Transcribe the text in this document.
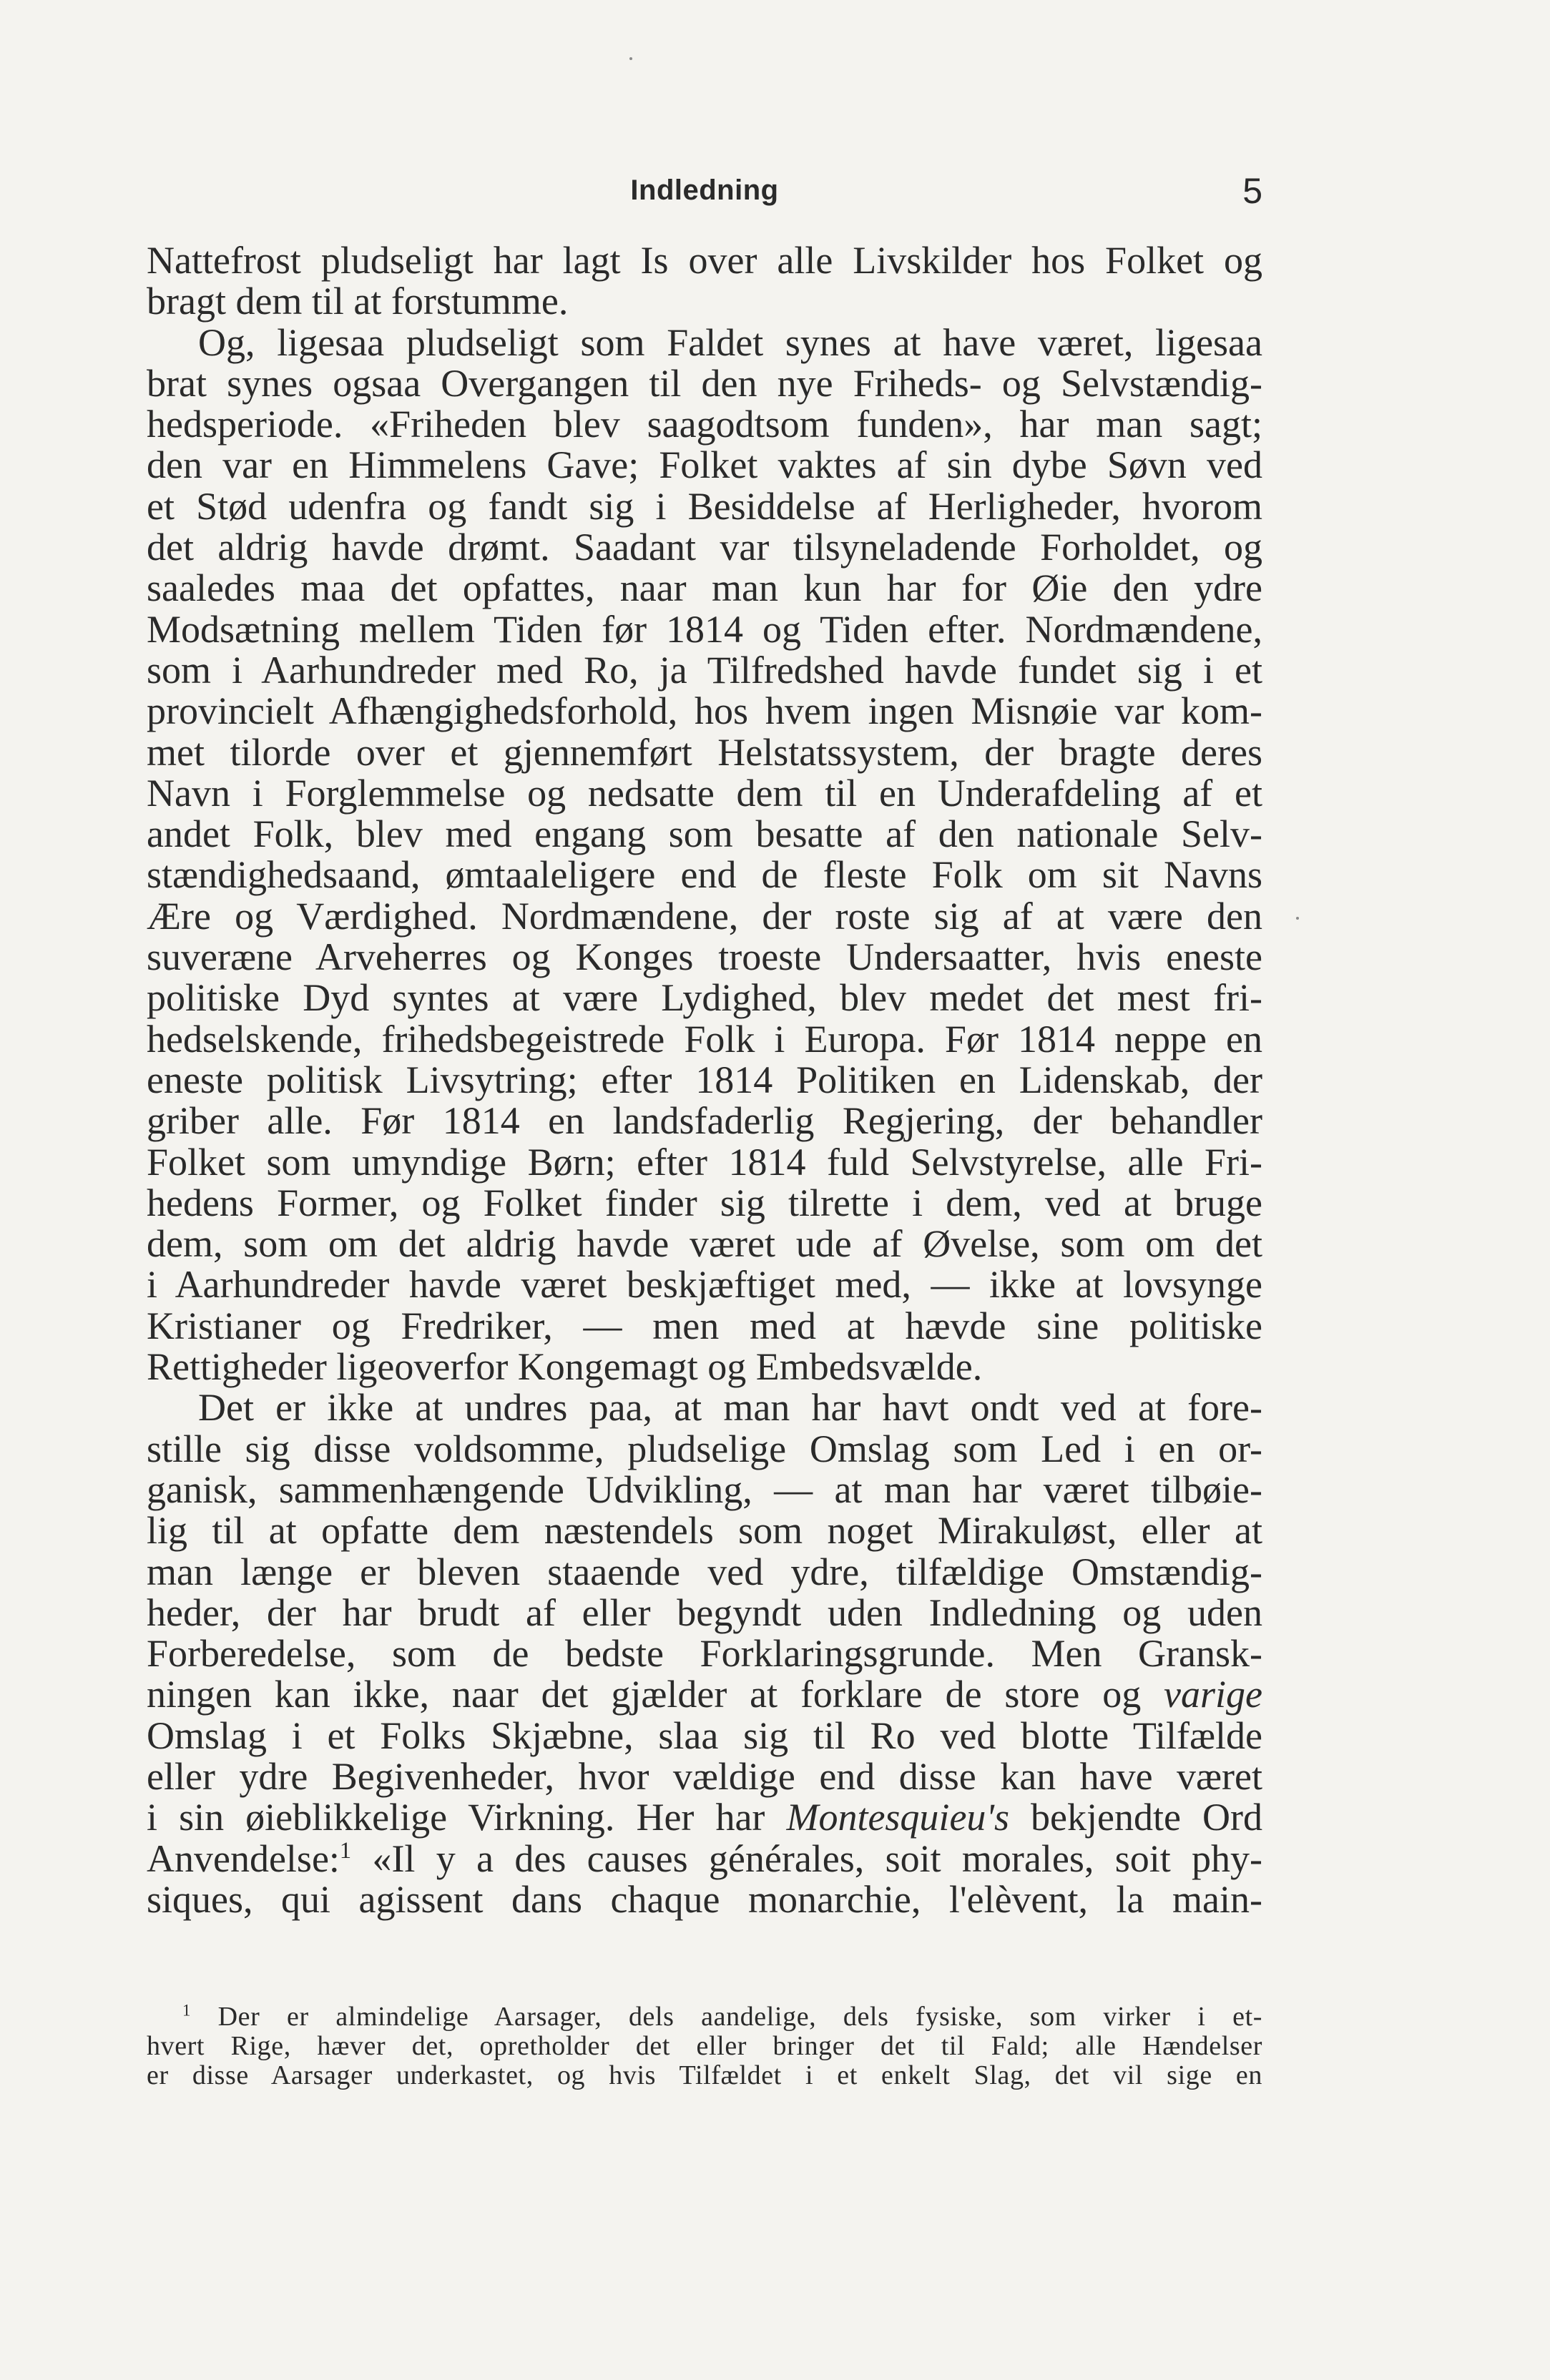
Indledning	5
Nattefrost pludseligt har lagt Is over alle Livskilder hos Folket og
bragt dem til at forstumme.
Og, ligesaa pludseligt som Faldet synes at have været, ligesaa
brat synes ogsaa Overgangen til den nye Friheds- og Selvstændig-
hedsperiode. «Friheden blev saagodtsom funden», har man sagt;
den var en Himmelens Gave; Folket vaktes af sin dybe Søvn ved
et Stød udenfra og fandt sig i Besiddelse af Herligheder, hvorom
det aldrig havde drømt. Saadant var tilsyneladende Forholdet, og
saaledes maa det opfattes, naar man kun har for Øie den ydre
Modsætning mellem Tiden før 1814 og Tiden efter. Nordmændene,
som i Aarhundreder med Ro, ja Tilfredshed havde fundet sig i et
provincielt Afhængighedsforhold, hos hvem ingen Misnøie var kom-
met tilorde over et gjennemført Helstatssystem, der bragte deres
Navn i Forglemmelse og nedsatte dem til en Underafdeling af et
andet Folk, blev med engang som besatte af den nationale Selv-
stændighedsaand, ømtaaleligere end de fleste Folk om sit Navns
Ære og Værdighed. Nordmændene, der roste sig af at være den
suveræne Arveherres og Konges troeste Undersaatter, hvis eneste
politiske Dyd syntes at være Lydighed, blev medet det mest fri-
hedselskende, frihedsbegeistrede Folk i Europa. Før 1814 neppe en
eneste politisk Livsytring; efter 1814 Politiken en Lidenskab, der
griber alle. Før 1814 en landsfaderlig Regjering, der behandler
Folket som umyndige Børn; efter 1814 fuld Selvstyrelse, alle Fri-
hedens Former, og Folket finder sig tilrette i dem, ved at bruge
dem, som om det aldrig havde været ude af Øvelse, som om det
i Aarhundreder havde været beskjæftiget med, — ikke at lovsynge
Kristianer og Fredriker, — men med at hævde sine politiske
Rettigheder ligeoverfor Kongemagt og Embedsvælde.
Det er ikke at undres paa, at man har havt ondt ved at fore-
stille sig disse voldsomme, pludselige Omslag som Led i en or-
ganisk, sammenhængende Udvikling, — at man har været tilbøie-
lig til at opfatte dem næstendels som noget Mirakuløst, eller at
man længe er bleven staaende ved ydre, tilfældige Omstændig-
heder, der har brudt af eller begyndt uden Indledning og uden
Forberedelse, som de bedste Forklaringsgrunde. Men Gransk-
ningen kan ikke, naar det gjælder at forklare de store og varige
Omslag i et Folks Skjæbne, slaa sig til Ro ved blotte Tilfælde
eller ydre Begivenheder, hvor vældige end disse kan have været
i sin øieblikkelige Virkning. Her har Montesquieu's bekjendte Ord
Anvendelse:$^1$ «Il y a des causes générales, soit morales, soit phy-
siques, qui agissent dans chaque monarchie, l'elèvent, la main-
$^1$ Der er almindelige Aarsager, dels aandelige, dels fysiske, som virker i et-
hvert Rige, hæver det, opretholder det eller bringer det til Fald; alle Hændelser
er disse Aarsager underkastet, og hvis Tilfældet i et enkelt Slag, det vil sige en
